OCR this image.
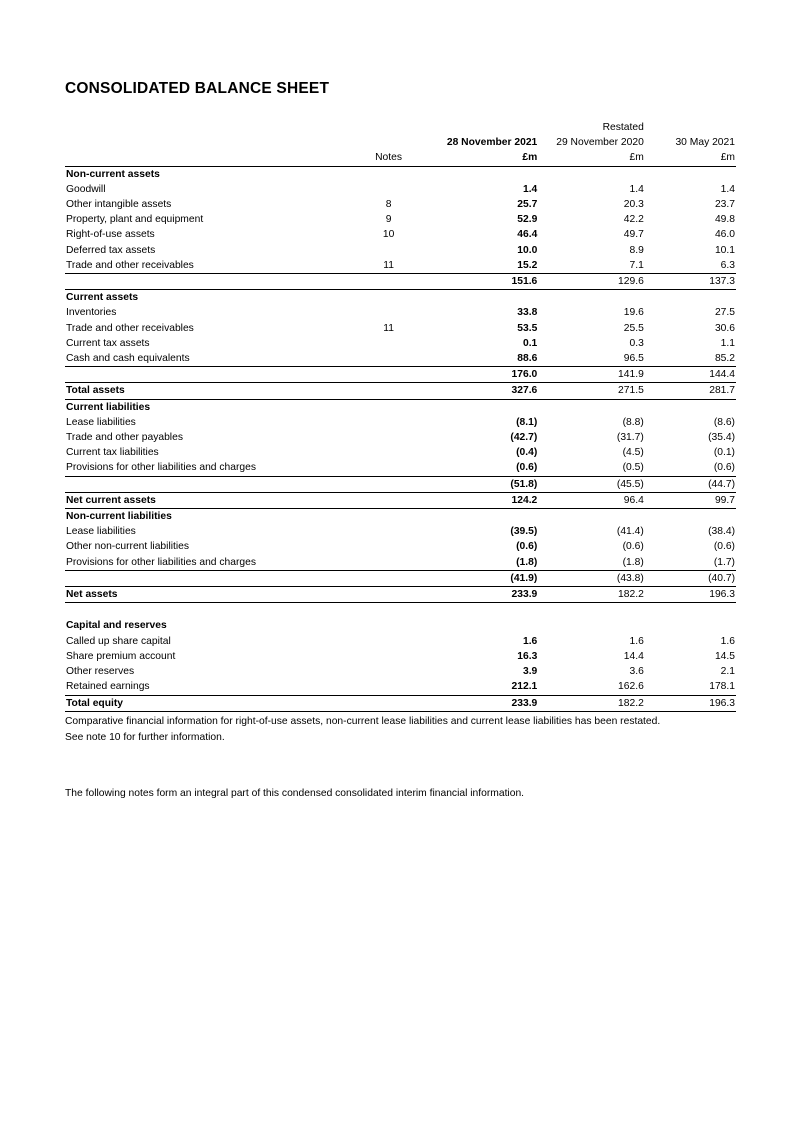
CONSOLIDATED BALANCE SHEET
			Restated	
		28 November 2021	29 November 2020	30 May 2021
	Notes	£m	£m	£m
Non-current assets				
Goodwill		1.4	1.4	1.4
Other intangible assets	8	25.7	20.3	23.7
Property, plant and equipment	9	52.9	42.2	49.8
Right-of-use assets	10	46.4	49.7	46.0
Deferred tax assets		10.0	8.9	10.1
Trade and other receivables	11	15.2	7.1	6.3
		151.6	129.6	137.3
Current assets				
Inventories		33.8	19.6	27.5
Trade and other receivables	11	53.5	25.5	30.6
Current tax assets		0.1	0.3	1.1
Cash and cash equivalents		88.6	96.5	85.2
		176.0	141.9	144.4
Total assets		327.6	271.5	281.7
Current liabilities				
Lease liabilities		(8.1)	(8.8)	(8.6)
Trade and other payables		(42.7)	(31.7)	(35.4)
Current tax liabilities		(0.4)	(4.5)	(0.1)
Provisions for other liabilities and charges		(0.6)	(0.5)	(0.6)
		(51.8)	(45.5)	(44.7)
Net current assets		124.2	96.4	99.7
Non-current liabilities				
Lease liabilities		(39.5)	(41.4)	(38.4)
Other non-current liabilities		(0.6)	(0.6)	(0.6)
Provisions for other liabilities and charges		(1.8)	(1.8)	(1.7)
		(41.9)	(43.8)	(40.7)
Net assets		233.9	182.2	196.3

Capital and reserves				
Called up share capital		1.6	1.6	1.6
Share premium account		16.3	14.4	14.5
Other reserves		3.9	3.6	2.1
Retained earnings		212.1	162.6	178.1
Total equity		233.9	182.2	196.3
Comparative financial information for right-of-use assets, non-current lease liabilities and current lease liabilities has been restated.
See note 10 for further information.
The following notes form an integral part of this condensed consolidated interim financial information.
